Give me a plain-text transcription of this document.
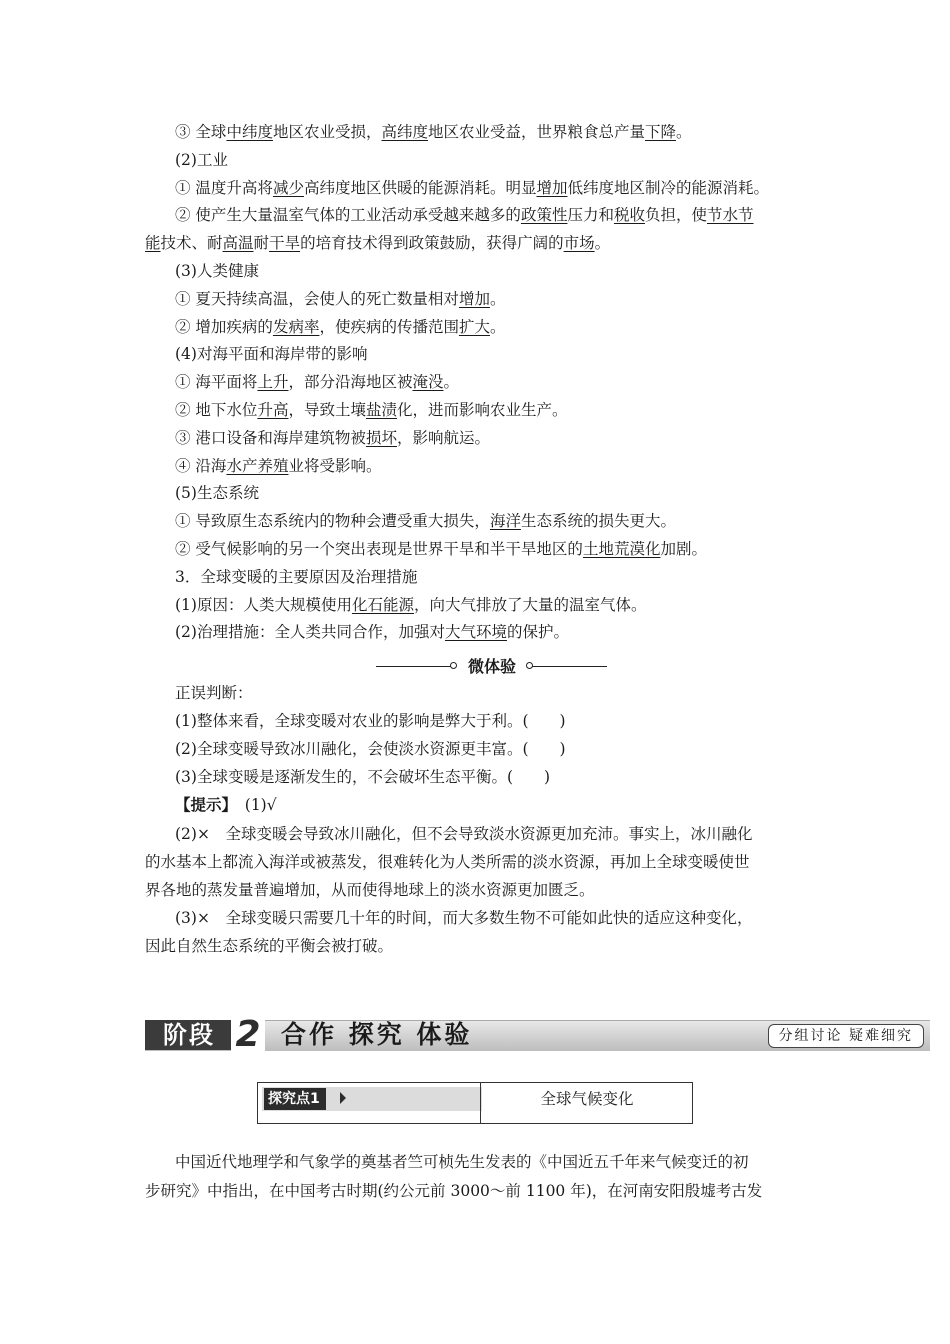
③ 全球中纬度地区农业受损，高纬度地区农业受益，世界粮食总产量下降。
(2)工业
① 温度升高将减少高纬度地区供暖的能源消耗。明显增加低纬度地区制冷的能源消耗。
② 使产生大量温室气体的工业活动承受越来越多的政策性压力和税收负担，使节水节
能技术、耐高温耐干旱的培育技术得到政策鼓励，获得广阔的市场。
(3)人类健康
① 夏天持续高温，会使人的死亡数量相对增加。
② 增加疾病的发病率，使疾病的传播范围扩大。
(4)对海平面和海岸带的影响
① 海平面将上升，部分沿海地区被淹没。
② 地下水位升高，导致土壤盐渍化，进而影响农业生产。
③ 港口设备和海岸建筑物被损坏，影响航运。
④ 沿海水产养殖业将受影响。
(5)生态系统
① 导致原生态系统内的物种会遭受重大损失，海洋生态系统的损失更大。
② 受气候影响的另一个突出表现是世界干旱和半干旱地区的土地荒漠化加剧。
3．全球变暖的主要原因及治理措施
(1)原因：人类大规模使用化石能源，向大气排放了大量的温室气体。
(2)治理措施：全人类共同合作，加强对大气环境的保护。
微体验
正误判断：
(1)整体来看，全球变暖对农业的影响是弊大于利。(　　)
(2)全球变暖导致冰川融化，会使淡水资源更丰富。(　　)
(3)全球变暖是逐渐发生的，不会破坏生态平衡。(　　)
【提示】　(1)√
(2)×　全球变暖会导致冰川融化，但不会导致淡水资源更加充沛。事实上，冰川融化
的水基本上都流入海洋或被蒸发，很难转化为人类所需的淡水资源，再加上全球变暖使世
界各地的蒸发量普遍增加，从而使得地球上的淡水资源更加匮乏。
(3)×　全球变暖只需要几十年的时间，而大多数生物不可能如此快的适应这种变化，
因此自然生态系统的平衡会被打破。
阶段 2 合作 探究 体验	分组讨论 疑难细究
探究点1	全球气候变化
中国近代地理学和气象学的奠基者竺可桢先生发表的《中国近五千年来气候变迁的初
步研究》中指出，在中国考古时期(约公元前 3000～前 1100 年)，在河南安阳殷墟考古发
